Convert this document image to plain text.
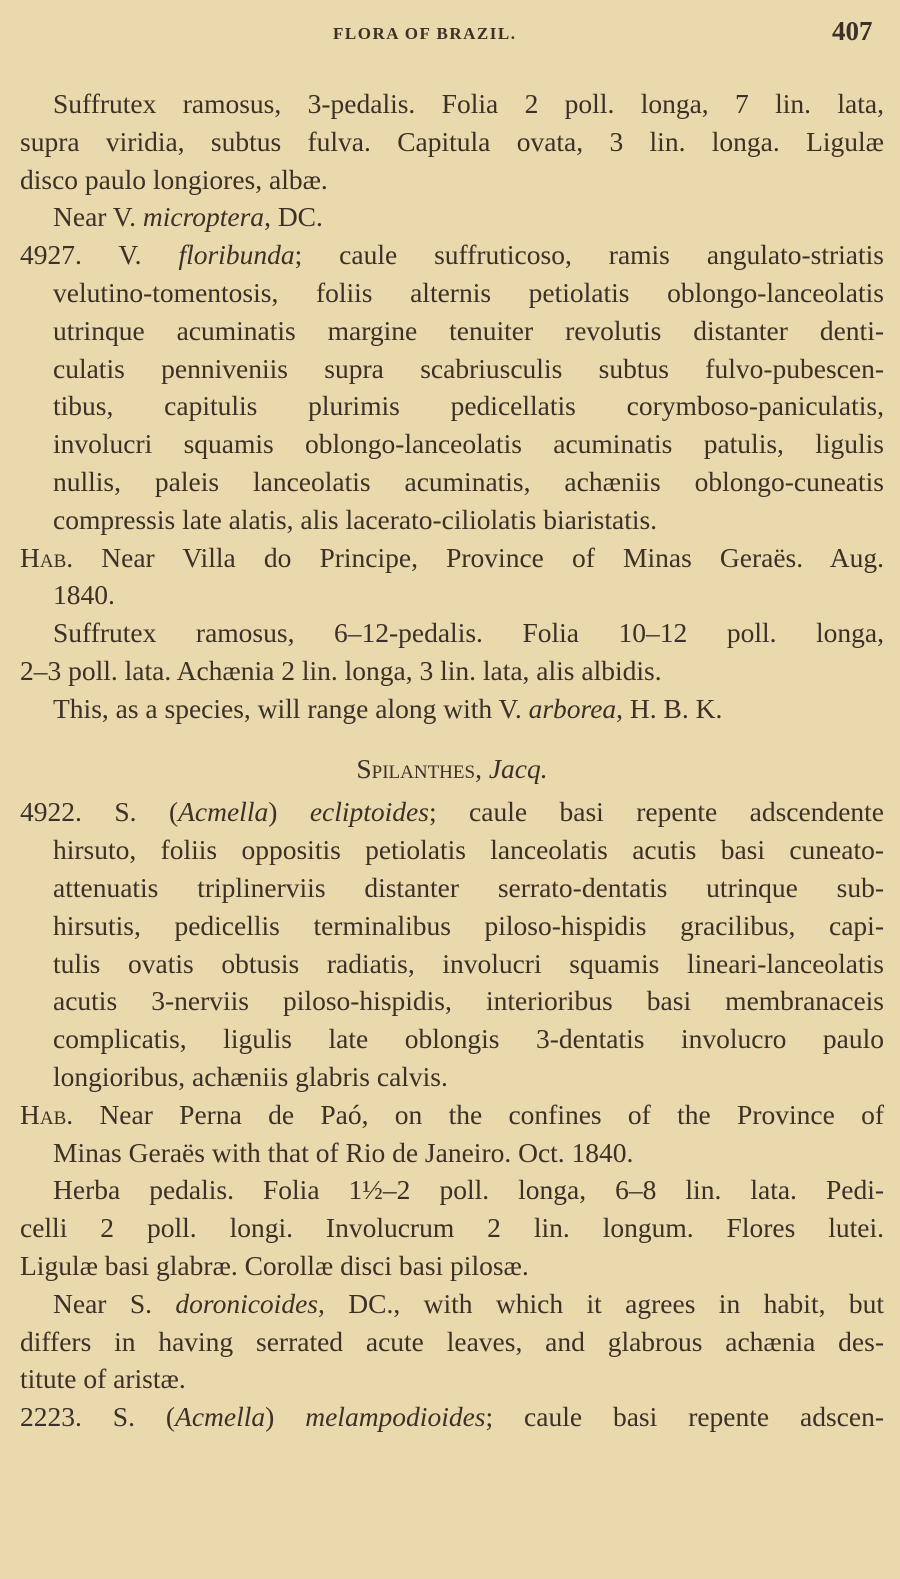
FLORA OF BRAZIL.	407
Suffrutex ramosus, 3-pedalis. Folia 2 poll. longa, 7 lin. lata,
supra viridia, subtus fulva. Capitula ovata, 3 lin. longa. Ligulæ
disco paulo longiores, albæ.
Near V. microptera, DC.
4927. V. floribunda; caule suffruticoso, ramis angulato-striatis
velutino-tomentosis, foliis alternis petiolatis oblongo-lanceolatis
utrinque acuminatis margine tenuiter revolutis distanter denti-
culatis penniveniis supra scabriusculis subtus fulvo-pubescen-
tibus, capitulis plurimis pedicellatis corymboso-paniculatis,
involucri squamis oblongo-lanceolatis acuminatis patulis, ligulis
nullis, paleis lanceolatis acuminatis, achæniis oblongo-cuneatis
compressis late alatis, alis lacerato-ciliolatis biaristatis.
Hab. Near Villa do Principe, Province of Minas Geraës. Aug.
1840.
Suffrutex ramosus, 6–12-pedalis. Folia 10–12 poll. longa,
2–3 poll. lata. Achænia 2 lin. longa, 3 lin. lata, alis albidis.
This, as a species, will range along with V. arborea, H. B. K.
Spilanthes, Jacq.
4922. S. (Acmella) ecliptoides; caule basi repente adscendente
hirsuto, foliis oppositis petiolatis lanceolatis acutis basi cuneato-
attenuatis triplinerviis distanter serrato-dentatis utrinque sub-
hirsutis, pedicellis terminalibus piloso-hispidis gracilibus, capi-
tulis ovatis obtusis radiatis, involucri squamis lineari-lanceolatis
acutis 3-nerviis piloso-hispidis, interioribus basi membranaceis
complicatis, ligulis late oblongis 3-dentatis involucro paulo
longioribus, achæniis glabris calvis.
Hab. Near Perna de Paó, on the confines of the Province of
Minas Geraës with that of Rio de Janeiro. Oct. 1840.
Herba pedalis. Folia 1½–2 poll. longa, 6–8 lin. lata. Pedi-
celli 2 poll. longi. Involucrum 2 lin. longum. Flores lutei.
Ligulæ basi glabræ. Corollæ disci basi pilosæ.
Near S. doronicoides, DC., with which it agrees in habit, but
differs in having serrated acute leaves, and glabrous achænia des-
titute of aristæ.
2223. S. (Acmella) melampodioides; caule basi repente adscen-
